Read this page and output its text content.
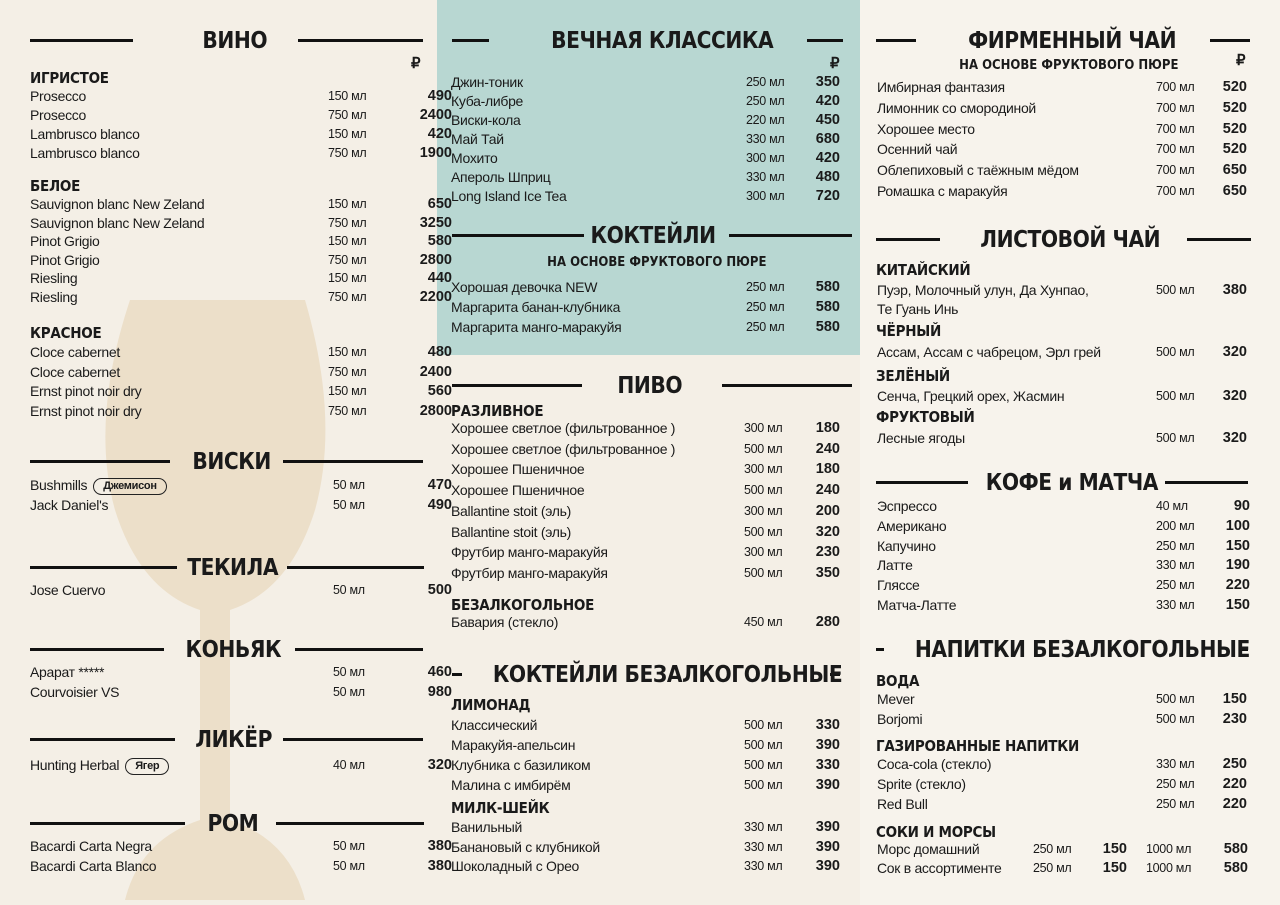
ВИНО
₽
ИГРИСТОЕ
Prosecco	150 мл	490
Prosecco	750 мл	2400
Lambrusco blanco	150 мл	420
Lambrusco blanco	750 мл	1900
БЕЛОЕ
Sauvignon blanc New Zeland	150 мл	650
Sauvignon blanc New Zeland	750 мл	3250
Pinot Grigio	150 мл	580
Pinot Grigio	750 мл	2800
Riesling	150 мл	440
Riesling	750 мл	2200
КРАСНОЕ
Cloce cabernet	150 мл	480
Cloce cabernet	750 мл	2400
Ernst pinot noir dry	150 мл	560
Ernst pinot noir dry	750 мл	2800
ВИСКИ
Bushmills Джемисон	50 мл	470
Jack Daniel's	50 мл	490
ТЕКИЛА
Jose Cuervo	50 мл	500
КОНЬЯК
Арарат *****	50 мл	460
Courvoisier VS	50 мл	980
ЛИКЁР
Hunting Herbal Ягер	40 мл	320
РОМ
Bacardi Carta Negra	50 мл	380
Bacardi Carta Blanco	50 мл	380
ВЕЧНАЯ КЛАССИКА
₽
Джин-тоник	250 мл	350
Куба-либре	250 мл	420
Виски-кола	220 мл	450
Май Тай	330 мл	680
Мохито	300 мл	420
Апероль Шприц	330 мл	480
Long Island Ice Tea	300 мл	720
КОКТЕЙЛИ
НА ОСНОВЕ ФРУКТОВОГО ПЮРЕ
Хорошая девочка NEW	250 мл	580
Маргарита банан-клубника	250 мл	580
Маргарита манго-маракуйя	250 мл	580
ПИВО
РАЗЛИВНОЕ
Хорошее светлое (фильтрованное )	300 мл	180
Хорошее светлое (фильтрованное )	500 мл	240
Хорошее Пшеничное	300 мл	180
Хорошее Пшеничное	500 мл	240
Ballantine stoit (эль)	300 мл	200
Ballantine stoit (эль)	500 мл	320
Фрутбир манго-маракуйя	300 мл	230
Фрутбир манго-маракуйя	500 мл	350
БЕЗАЛКОГОЛЬНОЕ
Бавария (стекло)	450 мл	280
КОКТЕЙЛИ БЕЗАЛКОГОЛЬНЫЕ
ЛИМОНАД
Классический	500 мл	330
Маракуйя-апельсин	500 мл	390
Клубника с базиликом	500 мл	330
Малина с имбирём	500 мл	390
МИЛК-ШЕЙК
Ванильный	330 мл	390
Банановый с клубникой	330 мл	390
Шоколадный с Орео	330 мл	390
ФИРМЕННЫЙ ЧАЙ
НА ОСНОВЕ ФРУКТОВОГО ПЮРЕ	₽
Имбирная фантазия	700 мл	520
Лимонник со смородиной	700 мл	520
Хорошее место	700 мл	520
Осенний чай	700 мл	520
Облепиховый с таёжным мёдом	700 мл	650
Ромашка с маракуйя	700 мл	650
ЛИСТОВОЙ ЧАЙ
КИТАЙСКИЙ
Пуэр, Молочный улун, Да Хунпао,	500 мл	380
Те Гуань Инь
ЧЁРНЫЙ
Ассам, Ассам с чабрецом, Эрл грей	500 мл	320
ЗЕЛЁНЫЙ
Сенча, Грецкий орех, Жасмин	500 мл	320
ФРУКТОВЫЙ
Лесные ягоды	500 мл	320
КОФЕ и МАТЧА
Эспрессо	40 мл	90
Американо	200 мл	100
Капучино	250 мл	150
Латте	330 мл	190
Гляссе	250 мл	220
Матча-Латте	330 мл	150
НАПИТКИ БЕЗАЛКОГОЛЬНЫЕ
ВОДА
Mever	500 мл	150
Borjomi	500 мл	230
ГАЗИРОВАННЫЕ НАПИТКИ
Coca-cola (стекло)	330 мл	250
Sprite (стекло)	250 мл	220
Red Bull	250 мл	220
СОКИ И МОРСЫ
Морс домашний	250 мл	150 1000 мл	580
Сок в ассортименте	250 мл	150 1000 мл	580
